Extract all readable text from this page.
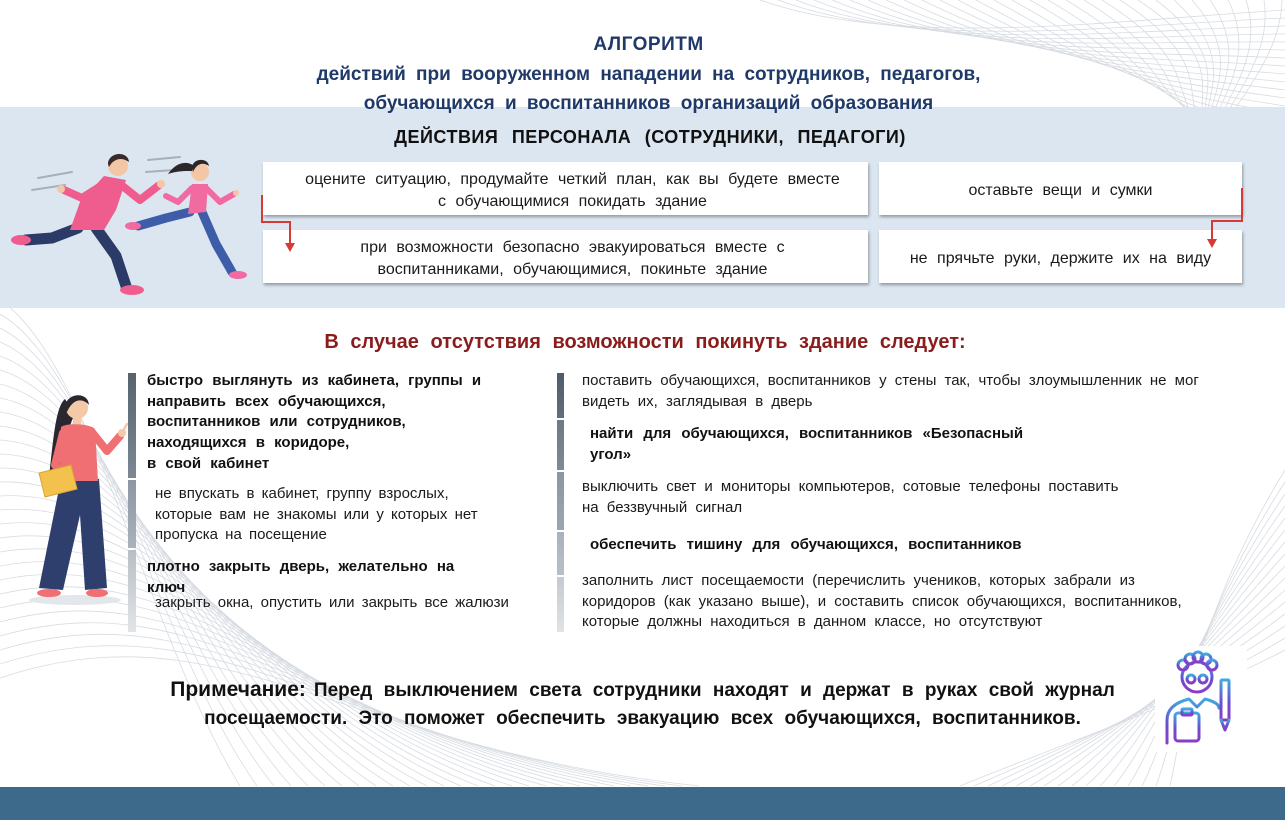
АЛГОРИТМ
действий при вооруженном нападении на сотрудников, педагогов,
обучающихся и воспитанников организаций образования
ДЕЙСТВИЯ ПЕРСОНАЛА (СОТРУДНИКИ, ПЕДАГОГИ)
оцените ситуацию, продумайте четкий план, как вы будете вместе
с обучающимися покидать здание
оставьте вещи и сумки
при возможности безопасно эвакуироваться вместе с
воспитанниками, обучающимися, покиньте здание
не прячьте руки, держите их на виду
В случае отсутствия возможности покинуть здание следует:
быстро выглянуть из кабинета, группы и
направить всех обучающихся,
воспитанников или сотрудников,
находящихся в коридоре,
в свой кабинет
не впускать в кабинет, группу взрослых,
которые вам не знакомы или у которых нет
пропуска на посещение
плотно закрыть дверь, желательно на
ключ
закрыть окна, опустить или закрыть все жалюзи
поставить обучающихся, воспитанников у стены так, чтобы злоумышленник не мог
видеть их, заглядывая в дверь
найти для обучающихся, воспитанников «Безопасный
угол»
выключить свет и мониторы компьютеров, сотовые телефоны поставить
на беззвучный сигнал
обеспечить тишину для обучающихся, воспитанников
заполнить лист посещаемости (перечислить учеников, которых забрали из
коридоров (как указано выше), и составить список обучающихся, воспитанников,
которые должны находиться в данном классе, но отсутствуют
Примечание: Перед выключением света сотрудники находят и держат в руках свой журнал
посещаемости. Это поможет обеспечить эвакуацию всех обучающихся, воспитанников.
